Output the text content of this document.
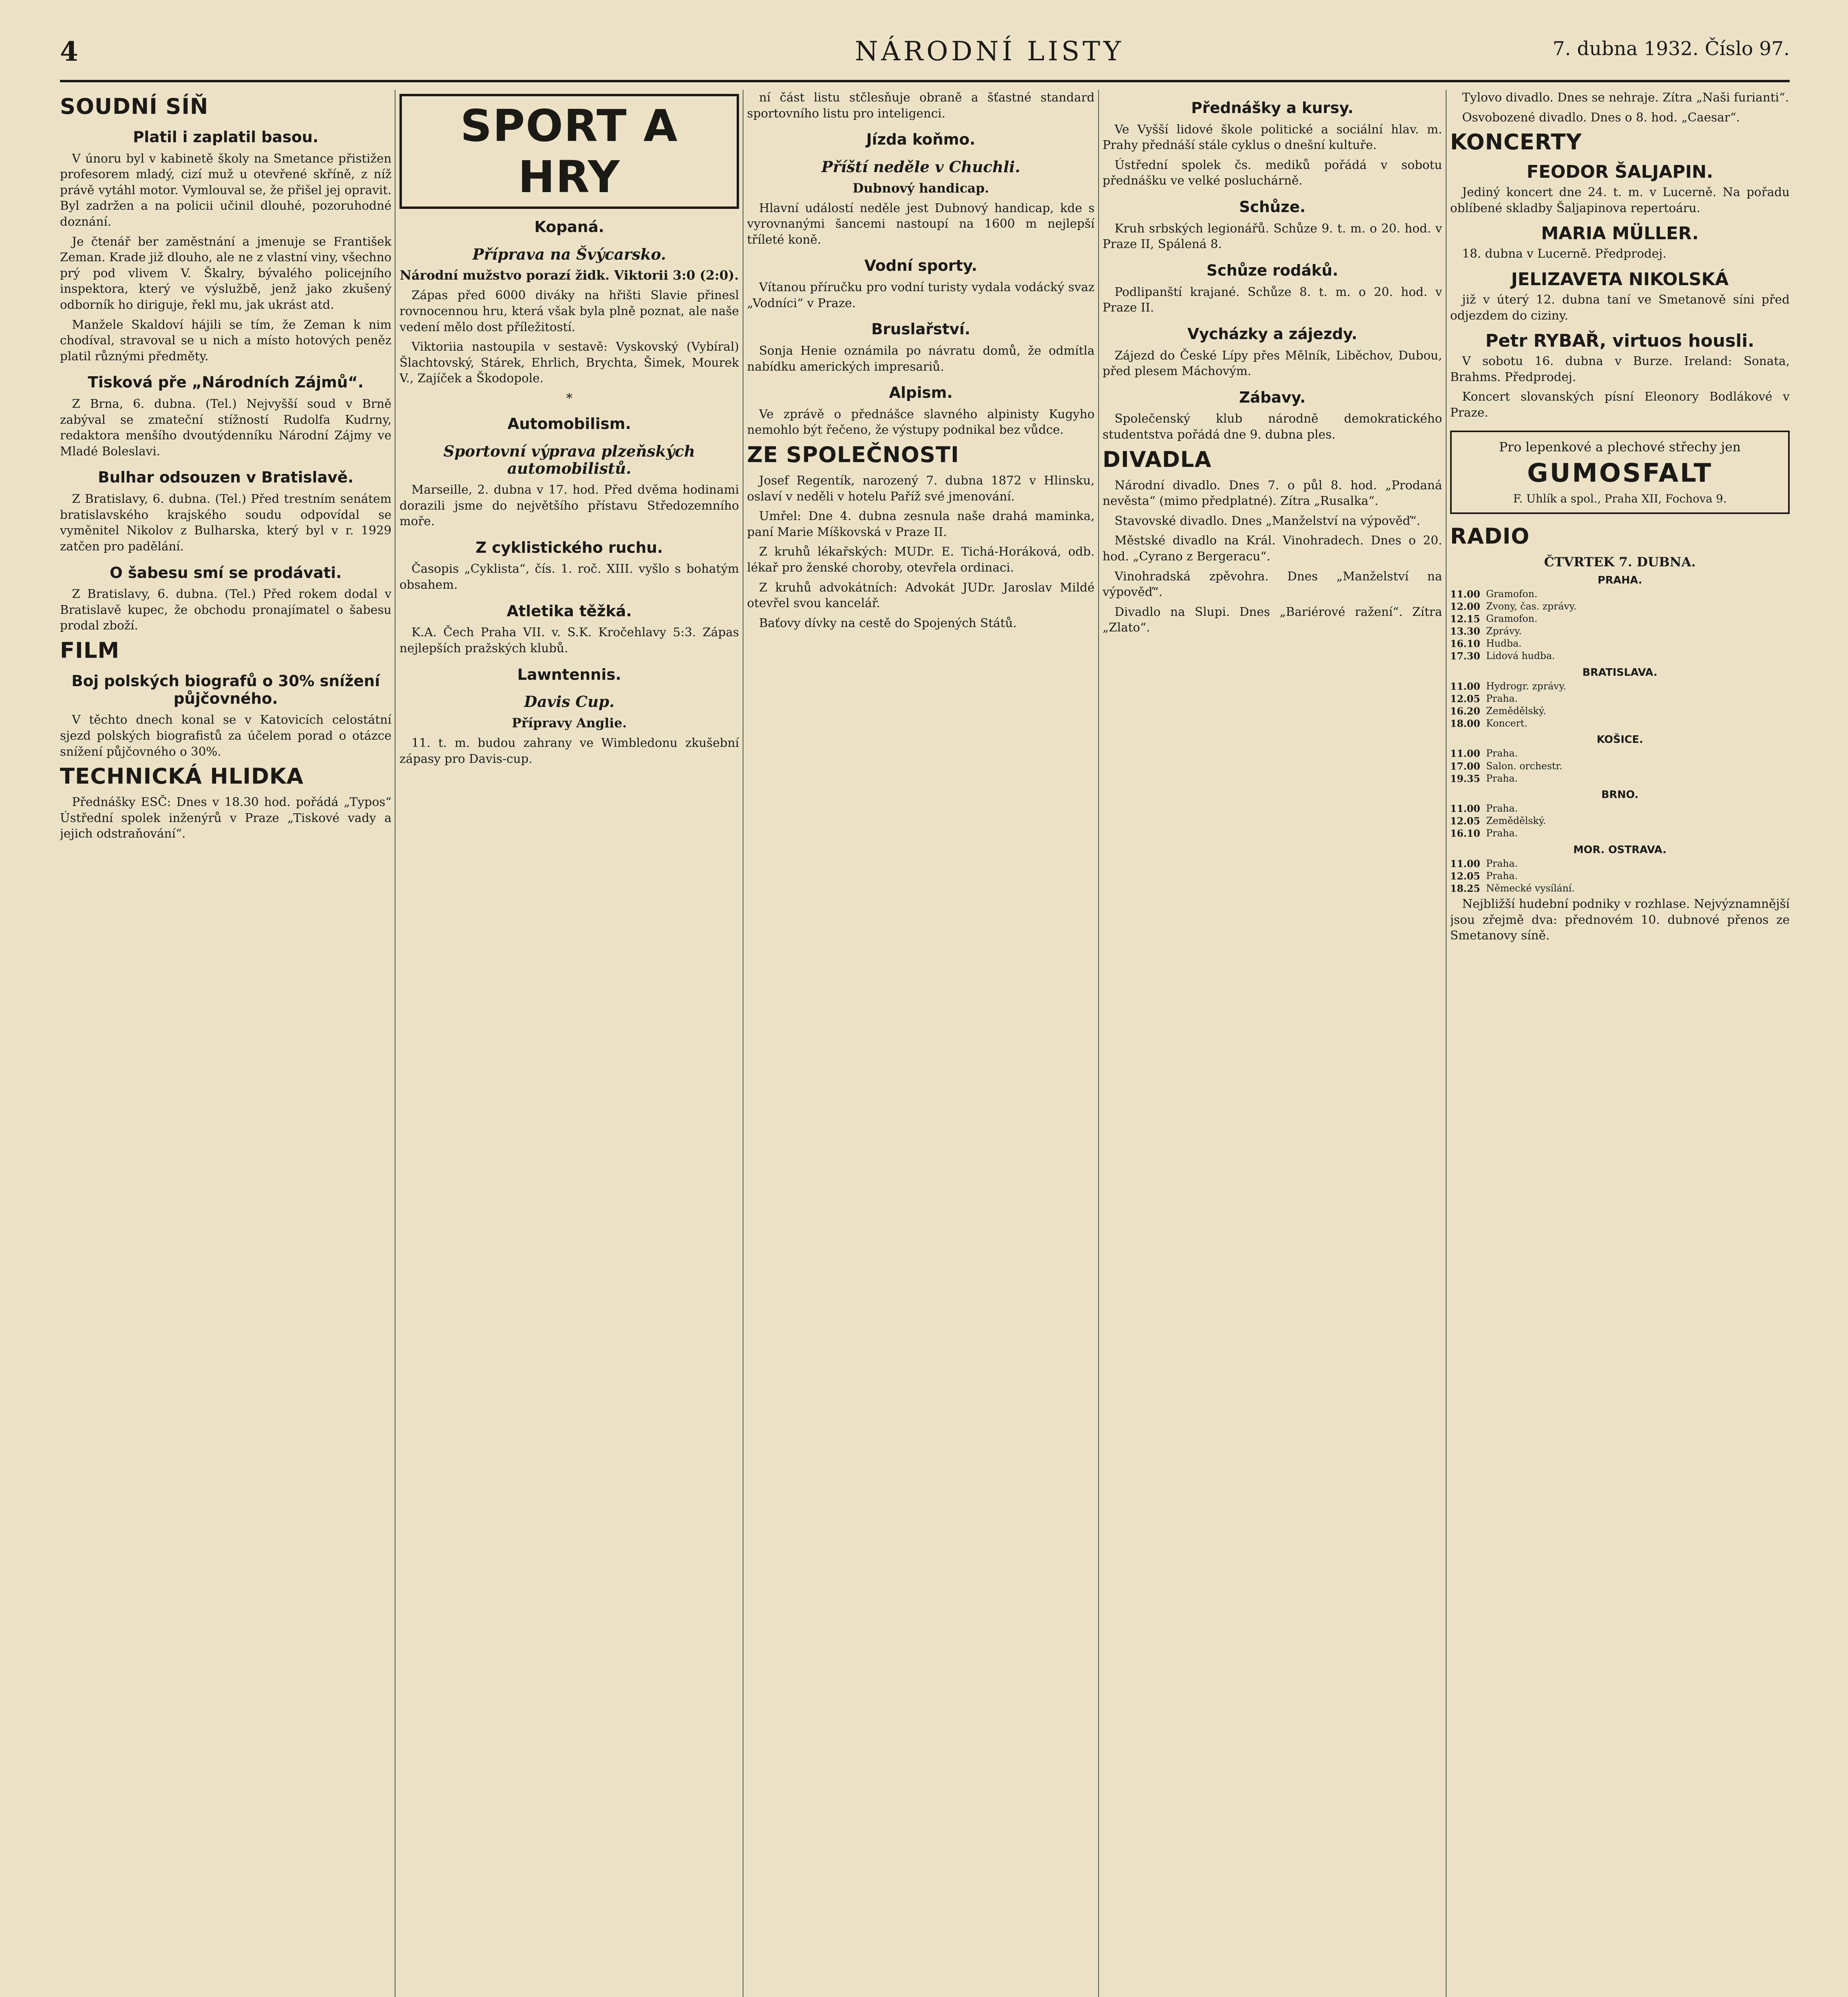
4	NÁRODNÍ LISTY	7. dubna 1932. Číslo 97.
SOUDNÍ SÍŇ
Platil i zaplatil basou.

V únoru byl v kabinetě školy na Smetance přistižen profesorem mladý, cizí muž u otevřené skříně, z níž právě vytáhl motor. Vymlouval se, že přišel jej opravit. Byl zadržen a na policii učinil dlouhé, pozoruhodné doznání.

Je čtenář ber zaměstnání a jmenuje se František Zeman. Krade již dlouho, ale ne z vlastní viny, všechno prý pod vlivem V. Škalry, bývalého policejního inspektora, který ve výslužbě, jenž jako zkušený odborník ho diriguje, řekl mu, jak ukrást atd.

Manžele Skaldoví hájili se tím, že Zeman k nim chodíval, stravoval se u nich a místo hotových peněz platil různými předměty.

Tisková pře „Národních Zájmů“.

Z Brna, 6. dubna. (Tel.) Nejvyšší soud v Brně zabýval se zmateční stížností Rudolfa Kudrny, redaktora menšího dvoutýdenníku Národní Zájmy ve Mladé Boleslavi.

Bulhar odsouzen v Bratislavě.

Z Bratislavy, 6. dubna. (Tel.) Před trestním senátem bratislavského krajského soudu odpovídal se vyměnitel Nikolov z Bulharska, který byl v r. 1929 zatčen pro padělání.

O šabesu smí se prodávati.

Z Bratislavy, 6. dubna. (Tel.) Před rokem dodal v Bratislavě kupec, že obchodu pronajímatel o šabesu prodal zboží.

FILM
Boj polských biografů o 30% snížení půjčovného.

V těchto dnech konal se v Katovicích celostátní sjezd polských biografistů za účelem porad o otázce snížení půjčovného o 30%.

TECHNICKÁ HLIDKA

Přednášky ESČ: Dnes v 18.30 hod. pořádá „Typos“ Ústřední spolek inženýrů v Praze „Tiskové vady a jejich odstraňování“.

SPORT A HRY
Kopaná.
Příprava na Švýcarsko.
Národní mužstvo porazí židk. Viktorii 3:0 (2:0).

Zápas před 6000 diváky na hřišti Slavie přinesl rovnocennou hru, která však byla plně poznat, ale naše vedení mělo dost příležitostí.

Viktoriia nastoupila v sestavě: Vyskovský (Vybíral) Šlachtovský, Stárek, Ehrlich, Brychta, Šimek, Mourek V., Zajíček a Škodopole.

*
Automobilism.
Sportovní výprava plzeňských automobilistů.

Marseille, 2. dubna v 17. hod. Před dvěma hodinami dorazili jsme do největšího přístavu Středozemního moře.

Z cyklistického ruchu.

Časopis „Cyklista“, čís. 1. roč. XIII. vyšlo s bohatým obsahem.

Atletika těžká.

K.A. Čech Praha VII. v. S.K. Kročehlavy 5:3. Zápas nejlepších pražských klubů.

Lawntennis.
Davis Cup.
Přípravy Anglie.

11. t. m. budou zahrany ve Wimbledonu zkušební zápasy pro Davis-cup.

ní část listu stčlesňuje obraně a šťastné standard sportovního listu pro inteligenci.

Jízda koňmo.
Příští neděle v Chuchli.
Dubnový handicap.

Hlavní událostí neděle jest Dubnový handicap, kde s vyrovnanými šancemi nastoupí na 1600 m nejlepší tříleté koně.

Vodní sporty.

Vítanou příručku pro vodní turisty vydala vodácký svaz „Vodníci“ v Praze.

Bruslařství.

Sonja Henie oznámila po návratu domů, že odmítla nabídku amerických impresariů.

Alpism.

Ve zprávě o přednášce slavného alpinisty Kugyho nemohlo být řečeno, že výstupy podnikal bez vůdce.

ZE SPOLEČNOSTI

Josef Regentík, narozený 7. dubna 1872 v Hlinsku, oslaví v neděli v hotelu Paříž své jmenování.

Umřel: Dne 4. dubna zesnula naše drahá maminka, paní Marie Míškovská v Praze II.

Z kruhů lékařských: MUDr. E. Tichá-Horáková, odb. lékař pro ženské choroby, otevřela ordinaci.

Z kruhů advokátních: Advokát JUDr. Jaroslav Mildé otevřel svou kancelář.

Baťovy dívky na cestě do Spojených Států.

Přednášky a kursy.

Ve Vyšší lidové škole politické a sociální hlav. m. Prahy přednáší stále cyklus o dnešní kultuře.

Ústřední spolek čs. mediků pořádá v sobotu přednášku ve velké posluchárně.

Schůze.

Kruh srbských legionářů. Schůze 9. t. m. o 20. hod. v Praze II, Spálená 8.

Schůze rodáků.

Podlipanští krajané. Schůze 8. t. m. o 20. hod. v Praze II.

Vycházky a zájezdy.

Zájezd do České Lípy přes Mělník, Liběchov, Dubou, před plesem Máchovým.

Zábavy.

Společenský klub národně demokratického studentstva pořádá dne 9. dubna ples.

DIVADLA

Národní divadlo. Dnes 7. o půl 8. hod. „Prodaná nevěsta“ (mimo předplatné). Zítra „Rusalka“.

Stavovské divadlo. Dnes „Manželství na výpověď“.

Městské divadlo na Král. Vinohradech. Dnes o 20. hod. „Cyrano z Bergeracu“.

Vinohradská zpěvohra. Dnes „Manželství na výpověď“.

Divadlo na Slupi. Dnes „Bariérové ražení“. Zítra „Zlato“.

Tylovo divadlo. Dnes se nehraje. Zítra „Naši furianti“.

Osvobozené divadlo. Dnes o 8. hod. „Caesar“.

KONCERTY
FEODOR ŠALJAPIN.

Jediný koncert dne 24. t. m. v Lucerně. Na pořadu oblíbené skladby Šaljapinova repertoáru.

MARIA MÜLLER.

18. dubna v Lucerně. Předprodej.

JELIZAVETA NIKOLSKÁ

již v úterý 12. dubna taní ve Smetanově síni před odjezdem do ciziny.

Petr RYBAŘ, virtuos housli.

V sobotu 16. dubna v Burze. Ireland: Sonata, Brahms. Předprodej.

Koncert slovanských písní Eleonory Bodlákové v Praze.

Pro lepenkové a plechové střechy jen
GUMOSFALT
F. Uhlík a spol., Praha XII, Fochova 9.
RADIO
ČTVRTEK 7. DUBNA.
PRAHA.
11.00 Gramofon.
12.00 Zvony, čas. zprávy.
12.15 Gramofon.
13.30 Zprávy.
16.10 Hudba.
17.30 Lidová hudba.
BRATISLAVA.
11.00 Hydrogr. zprávy.
12.05 Praha.
16.20 Zemědělský.
18.00 Koncert.
KOŠICE.
11.00 Praha.
17.00 Salon. orchestr.
19.35 Praha.
BRNO.
11.00 Praha.
12.05 Zemědělský.
16.10 Praha.
MOR. OSTRAVA.
11.00 Praha.
12.05 Praha.
18.25 Německé vysílání.

Nejbližší hudební podniky v rozhlase. Nejvýznamnější jsou zřejmě dva: přednovém 10. dubnové přenos ze Smetanovy síně.
